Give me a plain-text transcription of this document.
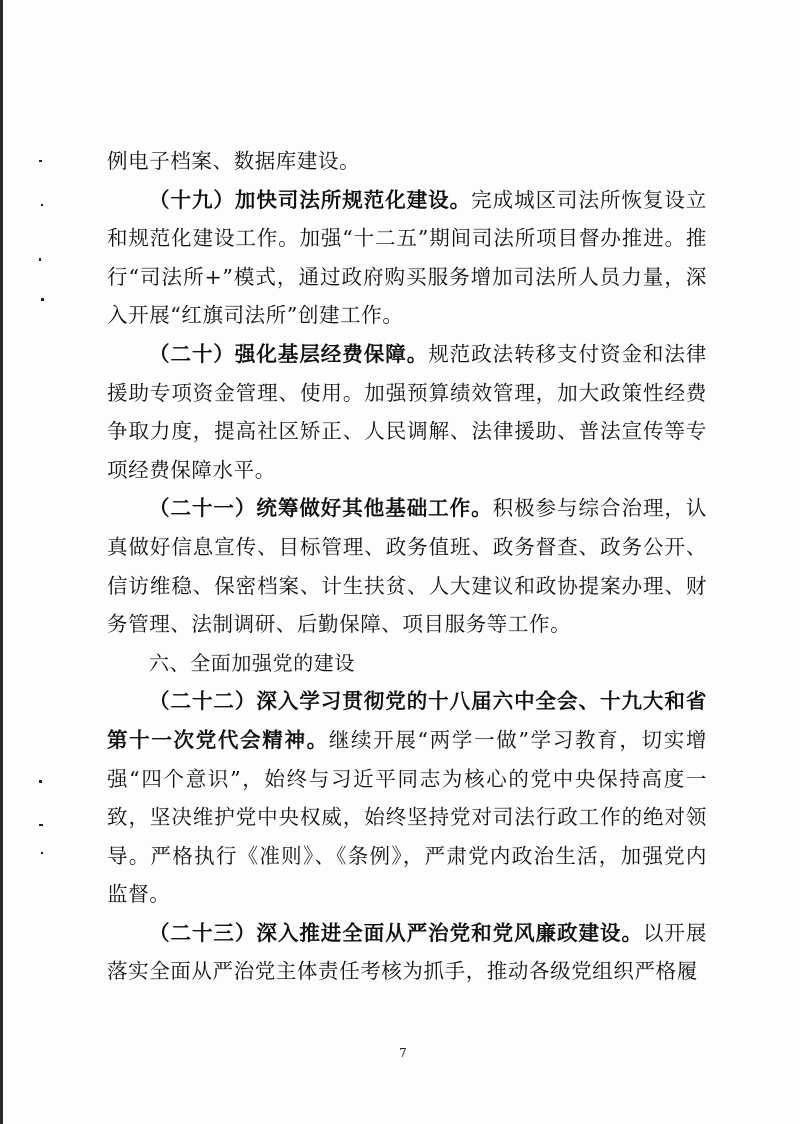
例电子档案、数据库建设。

（十九）加快司法所规范化建设。完成城区司法所恢复设立和规范化建设工作。加强“十二五”期间司法所项目督办推进。推行“司法所+”模式，通过政府购买服务增加司法所人员力量，深入开展“红旗司法所”创建工作。

（二十）强化基层经费保障。规范政法转移支付资金和法律援助专项资金管理、使用。加强预算绩效管理，加大政策性经费争取力度，提高社区矫正、人民调解、法律援助、普法宣传等专项经费保障水平。

（二十一）统筹做好其他基础工作。积极参与综合治理，认真做好信息宣传、目标管理、政务值班、政务督查、政务公开、信访维稳、保密档案、计生扶贫、人大建议和政协提案办理、财务管理、法制调研、后勤保障、项目服务等工作。

六、全面加强党的建设

（二十二）深入学习贯彻党的十八届六中全会、十九大和省第十一次党代会精神。继续开展“两学一做”学习教育，切实增强“四个意识”，始终与习近平同志为核心的党中央保持高度一致，坚决维护党中央权威，始终坚持党对司法行政工作的绝对领导。严格执行《准则》、《条例》，严肃党内政治生活，加强党内监督。

（二十三）深入推进全面从严治党和党风廉政建设。以开展落实全面从严治党主体责任考核为抓手，推动各级党组织严格履

7
